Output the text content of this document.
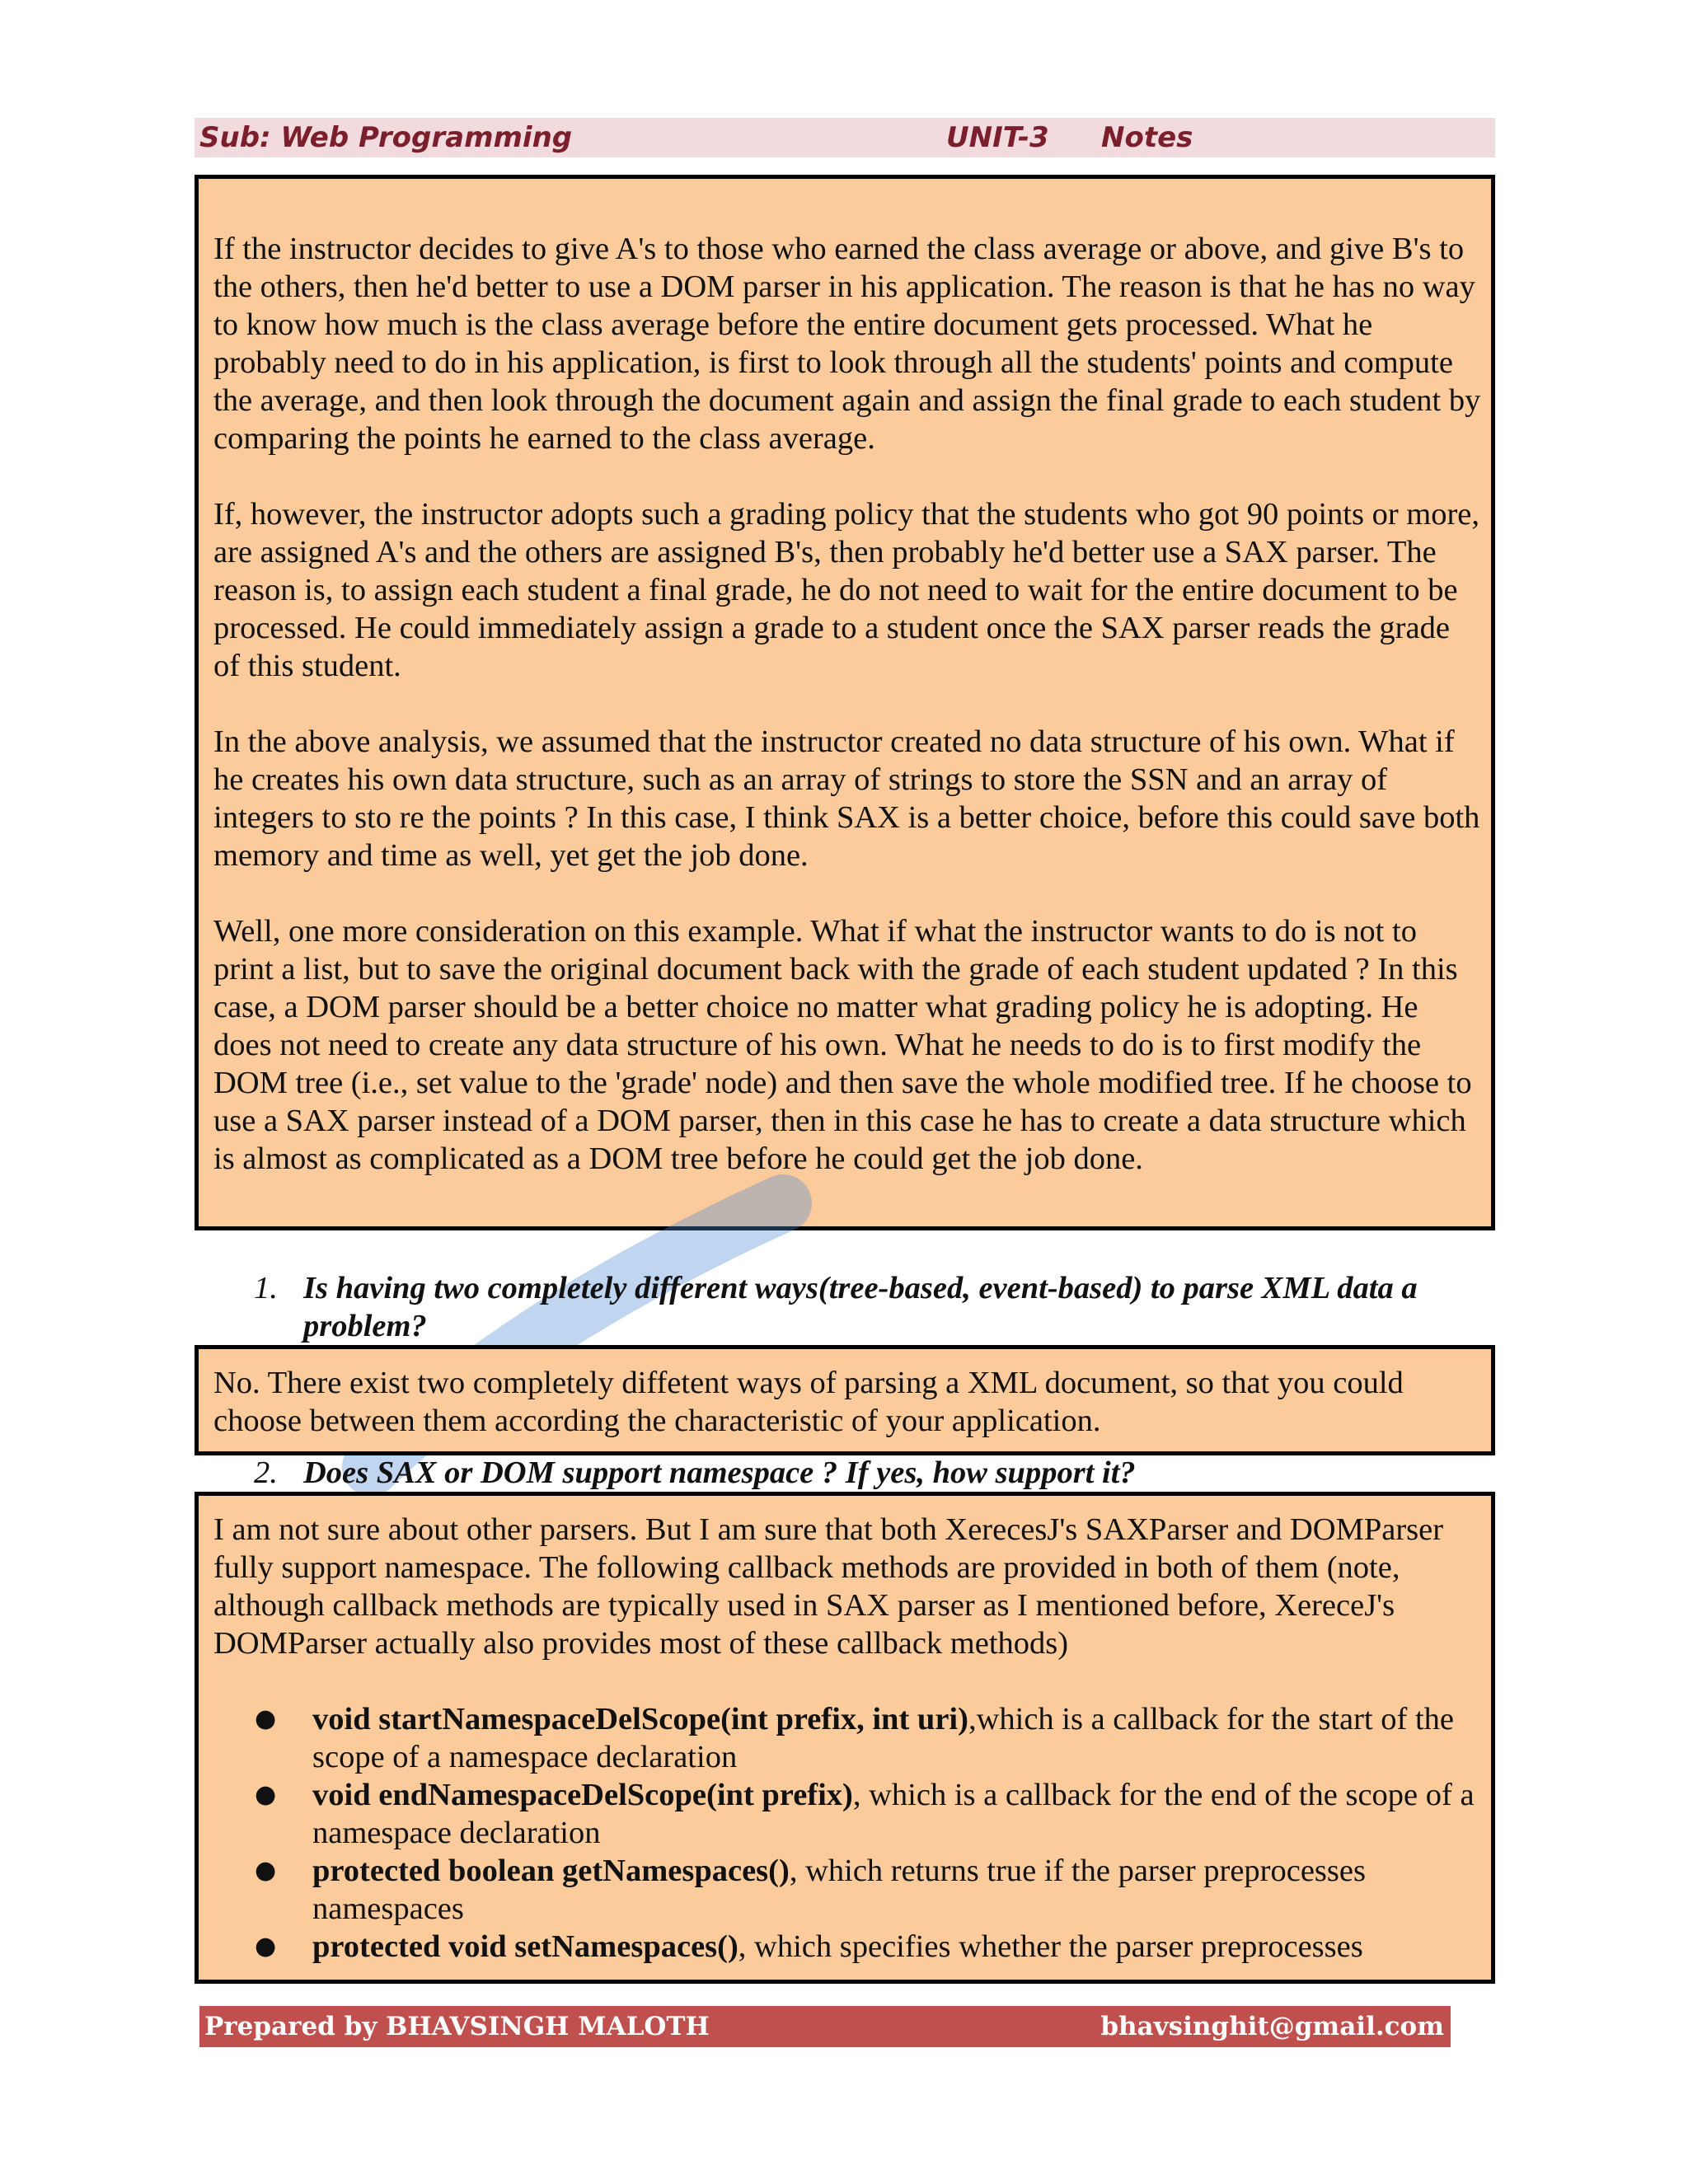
Sub: Web Programming	UNIT-3 Notes

If the instructor decides to give A's to those who earned the class average or above, and give B's to the others, then he'd better to use a DOM parser in his application. The reason is that he has no way to know how much is the class average before the entire document gets processed. What he probably need to do in his application, is first to look through all the students' points and compute the average, and then look through the document again and assign the final grade to each student by comparing the points he earned to the class average.

If, however, the instructor adopts such a grading policy that the students who got 90 points or more, are assigned A's and the others are assigned B's, then probably he'd better use a SAX parser. The reason is, to assign each student a final grade, he do not need to wait for the entire document to be processed. He could immediately assign a grade to a student once the SAX parser reads the grade of this student.

In the above analysis, we assumed that the instructor created no data structure of his own. What if he creates his own data structure, such as an array of strings to store the SSN and an array of integers to sto re the points ? In this case, I think SAX is a better choice, before this could save both memory and time as well, yet get the job done.

Well, one more consideration on this example. What if what the instructor wants to do is not to print a list, but to save the original document back with the grade of each student updated ? In this case, a DOM parser should be a better choice no matter what grading policy he is adopting. He does not need to create any data structure of his own. What he needs to do is to first modify the DOM tree (i.e., set value to the 'grade' node) and then save the whole modified tree. If he choose to use a SAX parser instead of a DOM parser, then in this case he has to create a data structure which is almost as complicated as a DOM tree before he could get the job done.

1. Is having two completely different ways(tree-based, event-based) to parse XML data a problem?

No. There exist two completely diffetent ways of parsing a XML document, so that you could choose between them according the characteristic of your application.

2. Does SAX or DOM support namespace ? If yes, how support it?

I am not sure about other parsers. But I am sure that both XerecesJ's SAXParser and DOMParser fully support namespace. The following callback methods are provided in both of them (note, although callback methods are typically used in SAX parser as I mentioned before, XereceJ's DOMParser actually also provides most of these callback methods)

● void startNamespaceDelScope(int prefix, int uri),which is a callback for the start of the scope of a namespace declaration
● void endNamespaceDelScope(int prefix), which is a callback for the end of the scope of a namespace declaration
● protected boolean getNamespaces(), which returns true if the parser preprocesses namespaces
● protected void setNamespaces(), which specifies whether the parser preprocesses
Prepared by BHAVSINGH MALOTH	bhavsinghit@gmail.com
